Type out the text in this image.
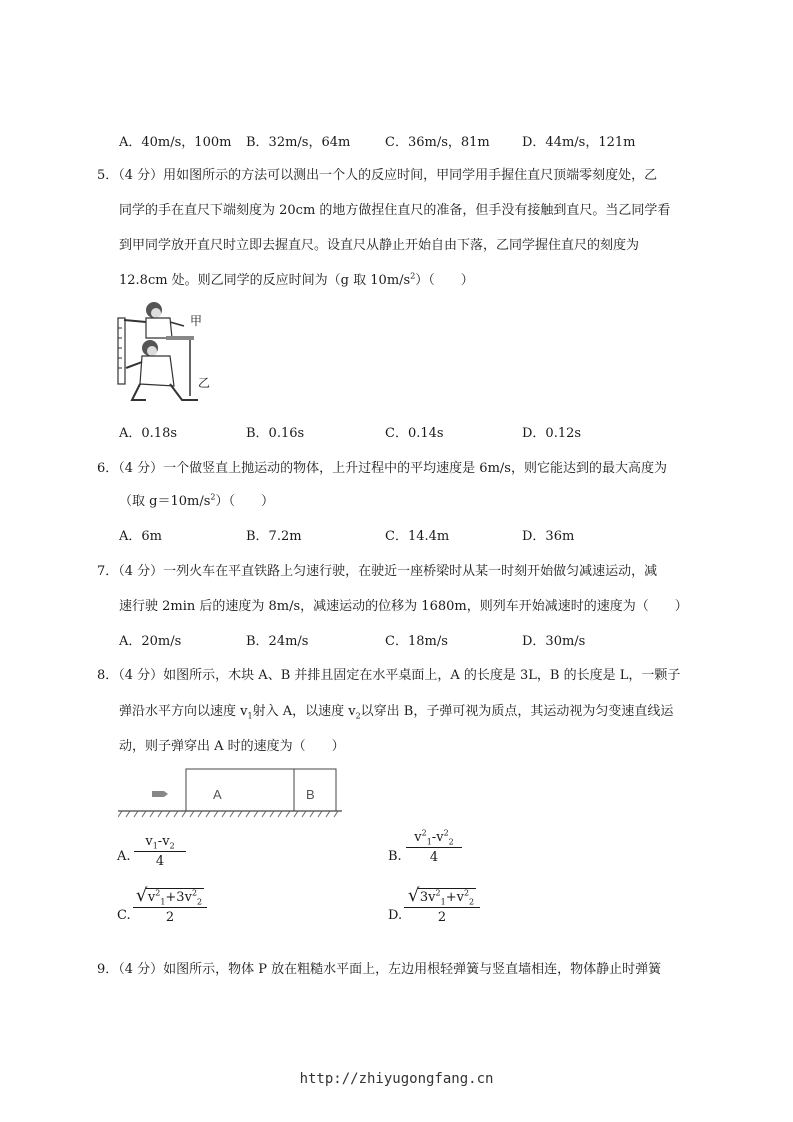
A．40m/s，100m B．32m/s，64m	C．36m/s，81m D．44m/s，121m
5．（4 分）用如图所示的方法可以测出一个人的反应时间，甲同学用手握住直尺顶端零刻度处，乙
同学的手在直尺下端刻度为 20cm 的地方做捏住直尺的准备，但手没有接触到直尺。当乙同学看
到甲同学放开直尺时立即去握直尺。设直尺从静止开始自由下落，乙同学握住直尺的刻度为
12.8cm 处。则乙同学的反应时间为（g 取 $10m/s^2$）（　　）
甲
乙
A．0.18s	B．0.16s	C．0.14s	D．0.12s
6．（4 分）一个做竖直上抛运动的物体，上升过程中的平均速度是 6m/s，则它能达到的最大高度为
（取 $g=10m/s^2$）（　　）
A．6m	B．7.2m	C．14.4m	D．36m
7．（4 分）一列火车在平直铁路上匀速行驶，在驶近一座桥梁时从某一时刻开始做匀减速运动，减
速行驶 2min 后的速度为 8m/s，减速运动的位移为 1680m，则列车开始减速时的速度为（　　）
A．20m/s	B．24m/s	C．18m/s	D．30m/s
8．（4 分）如图所示，木块 A、B 并排且固定在水平桌面上，A 的长度是 3L，B 的长度是 L，一颗子
弹沿水平方向以速度 $v_1$射入 A，以速度 $v_2$以穿出 B，子弹可视为质点，其运动视为匀变速直线运
动，则子弹穿出 A 时的速度为（　　）
A	B
A.
$v_1-v_2$
4	B.
$v^2_1-v^2_2$
4
C.
√ $v^2_1+3v^2_2$
2	D.
√ $3v^2_1+v^2_2$
2
9．（4 分）如图所示，物体 P 放在粗糙水平面上，左边用根轻弹簧与竖直墙相连，物体静止时弹簧
http://zhiyugongfang.cn
